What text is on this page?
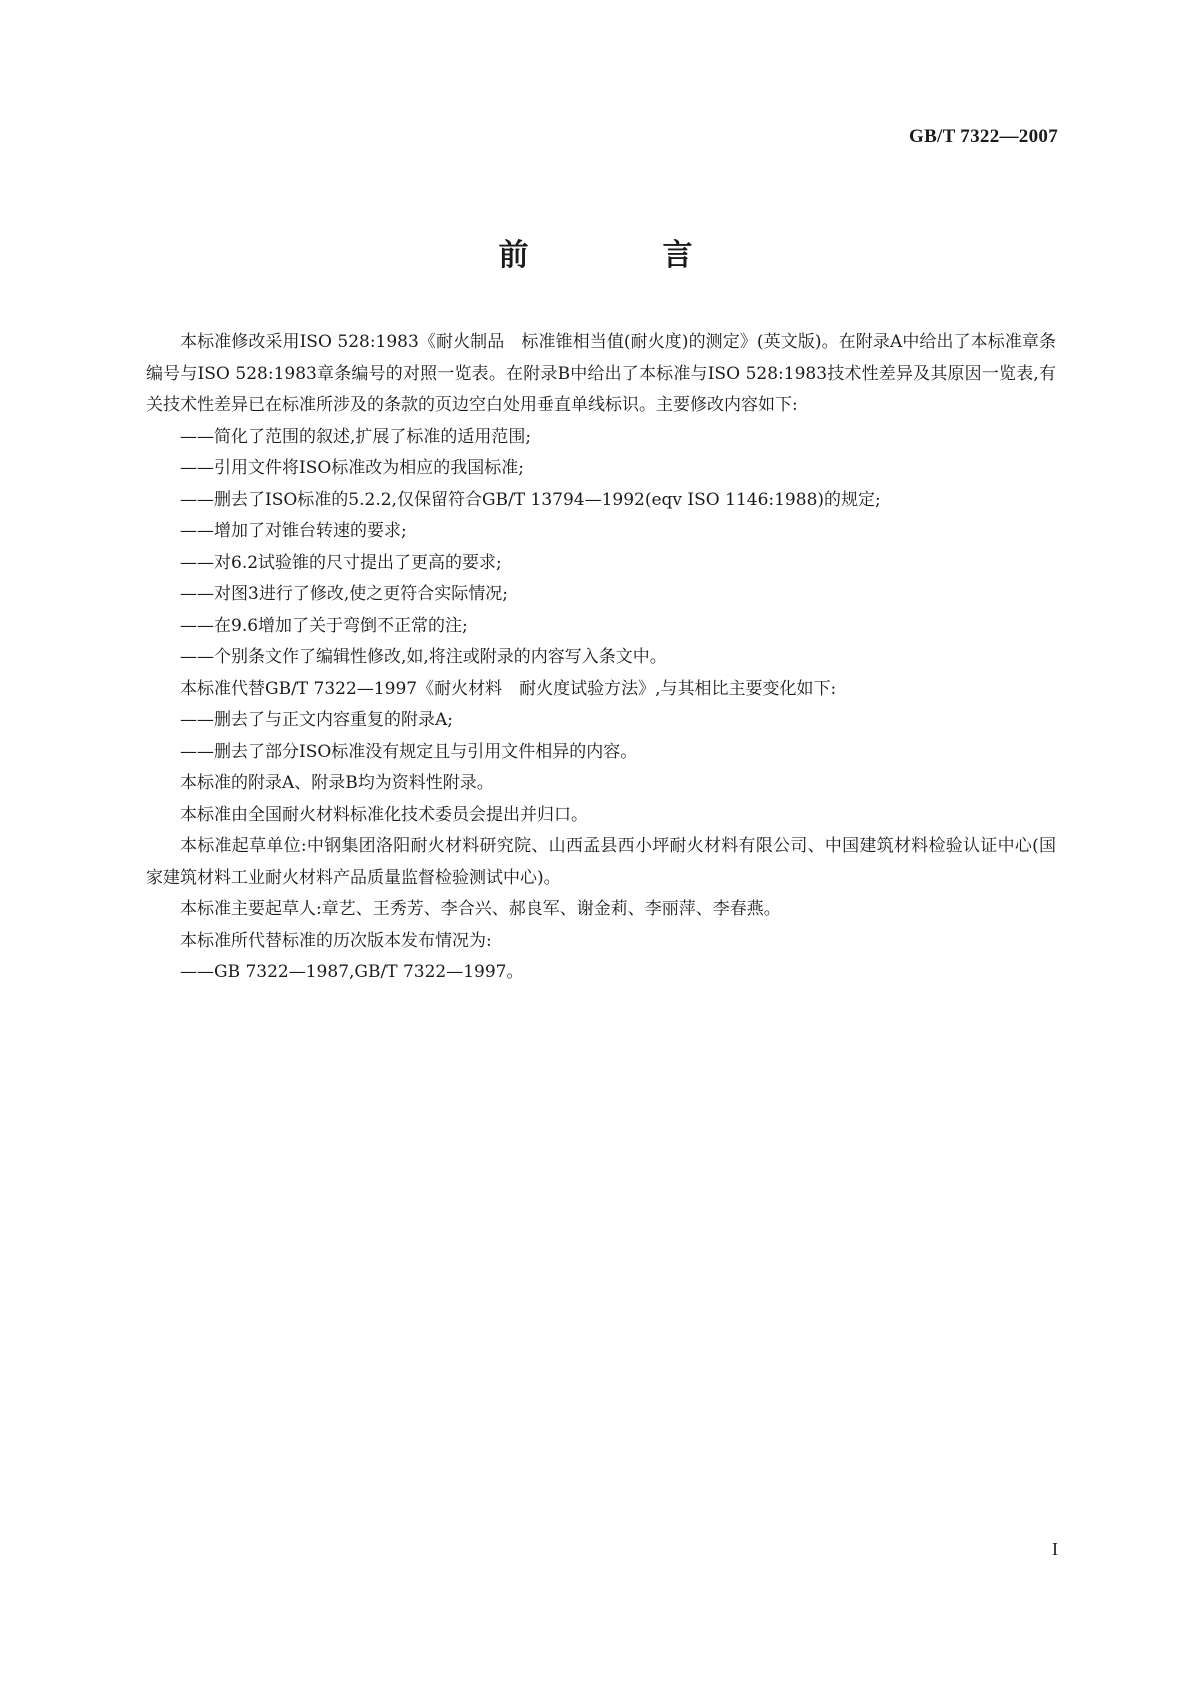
GB/T 7322—2007
前　言

本标准修改采用ISO 528:1983《耐火制品　标准锥相当值(耐火度)的测定》(英文版)。在附录A中给出了本标准章条编号与ISO 528:1983章条编号的对照一览表。在附录B中给出了本标准与ISO 528:1983技术性差异及其原因一览表,有关技术性差异已在标准所涉及的条款的页边空白处用垂直单线标识。主要修改内容如下:

——简化了范围的叙述,扩展了标准的适用范围;

——引用文件将ISO标准改为相应的我国标准;

——删去了ISO标准的5.2.2,仅保留符合GB/T 13794—1992(eqv ISO 1146:1988)的规定;

——增加了对锥台转速的要求;

——对6.2试验锥的尺寸提出了更高的要求;

——对图3进行了修改,使之更符合实际情况;

——在9.6增加了关于弯倒不正常的注;

——个别条文作了编辑性修改,如,将注或附录的内容写入条文中。

本标准代替GB/T 7322—1997《耐火材料　耐火度试验方法》,与其相比主要变化如下:

——删去了与正文内容重复的附录A;

——删去了部分ISO标准没有规定且与引用文件相异的内容。

本标准的附录A、附录B均为资料性附录。

本标准由全国耐火材料标准化技术委员会提出并归口。

本标准起草单位:中钢集团洛阳耐火材料研究院、山西孟县西小坪耐火材料有限公司、中国建筑材料检验认证中心(国家建筑材料工业耐火材料产品质量监督检验测试中心)。

本标准主要起草人:章艺、王秀芳、李合兴、郝良军、谢金莉、李丽萍、李春燕。

本标准所代替标准的历次版本发布情况为:

——GB 7322—1987,GB/T 7322—1997。

I
